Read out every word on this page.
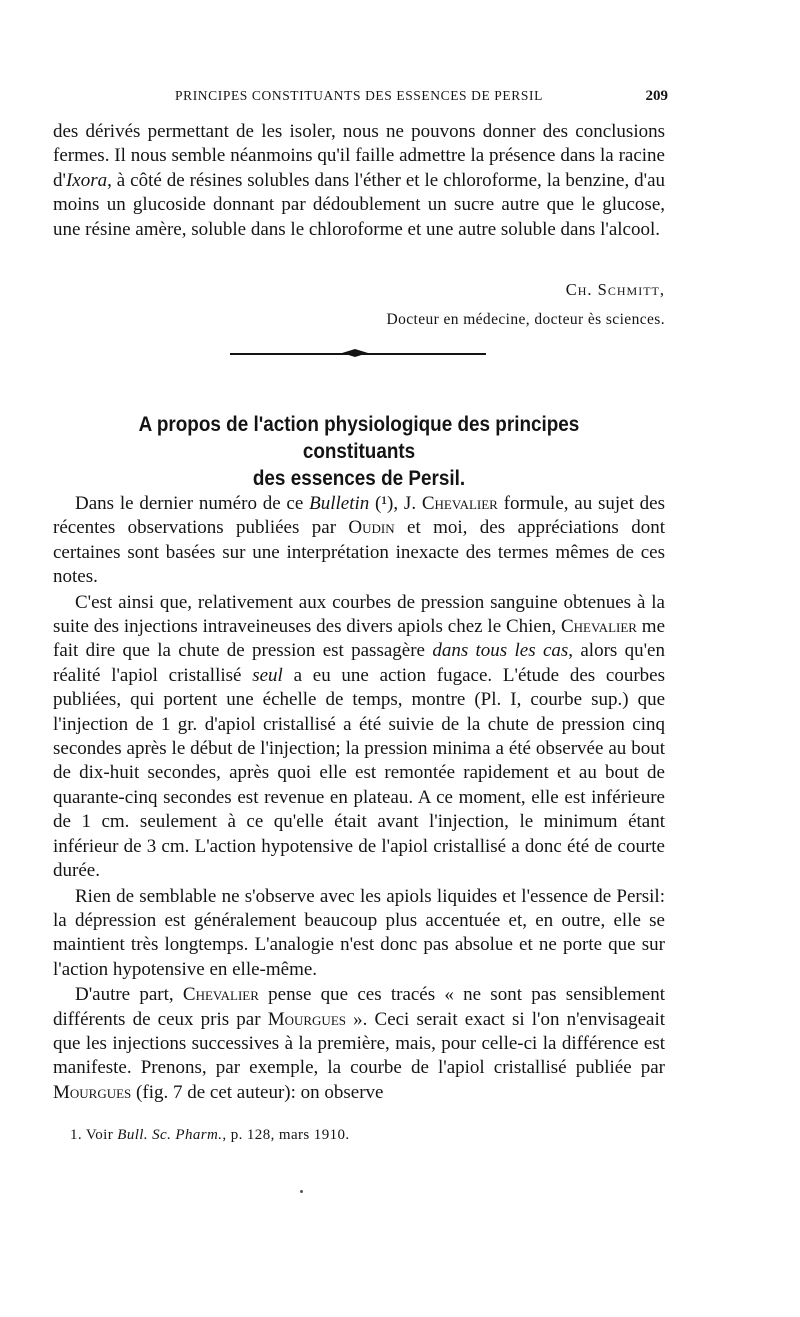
PRINCIPES CONSTITUANTS DES ESSENCES DE PERSIL	209

des dérivés permettant de les isoler, nous ne pouvons donner des conclusions fermes. Il nous semble néanmoins qu'il faille admettre la présence dans la racine d'Ixora, à côté de résines solubles dans l'éther et le chloroforme, la benzine, d'au moins un glucoside donnant par dédoublement un sucre autre que le glucose, une résine amère, soluble dans le chloroforme et une autre soluble dans l'alcool.

Ch. Schmitt,
Docteur en médecine, docteur ès sciences.
A propos de l'action physiologique des principes constituants
des essences de Persil.

Dans le dernier numéro de ce Bulletin (¹), J. Chevalier formule, au sujet des récentes observations publiées par Oudin et moi, des appréciations dont certaines sont basées sur une interprétation inexacte des termes mêmes de ces notes.

C'est ainsi que, relativement aux courbes de pression sanguine obtenues à la suite des injections intraveineuses des divers apiols chez le Chien, Chevalier me fait dire que la chute de pression est passagère dans tous les cas, alors qu'en réalité l'apiol cristallisé seul a eu une action fugace. L'étude des courbes publiées, qui portent une échelle de temps, montre (Pl. I, courbe sup.) que l'injection de 1 gr. d'apiol cristallisé a été suivie de la chute de pression cinq secondes après le début de l'injection; la pression minima a été observée au bout de dix-huit secondes, après quoi elle est remontée rapidement et au bout de quarante-cinq secondes est revenue en plateau. A ce moment, elle est inférieure de 1 cm. seulement à ce qu'elle était avant l'injection, le minimum étant inférieur de 3 cm. L'action hypotensive de l'apiol cristallisé a donc été de courte durée.

Rien de semblable ne s'observe avec les apiols liquides et l'essence de Persil: la dépression est généralement beaucoup plus accentuée et, en outre, elle se maintient très longtemps. L'analogie n'est donc pas absolue et ne porte que sur l'action hypotensive en elle-même.

D'autre part, Chevalier pense que ces tracés « ne sont pas sensiblement différents de ceux pris par Mourgues ». Ceci serait exact si l'on n'envisageait que les injections successives à la première, mais, pour celle-ci la différence est manifeste. Prenons, par exemple, la courbe de l'apiol cristallisé publiée par Mourgues (fig. 7 de cet auteur): on observe

1. Voir Bull. Sc. Pharm., p. 128, mars 1910.
